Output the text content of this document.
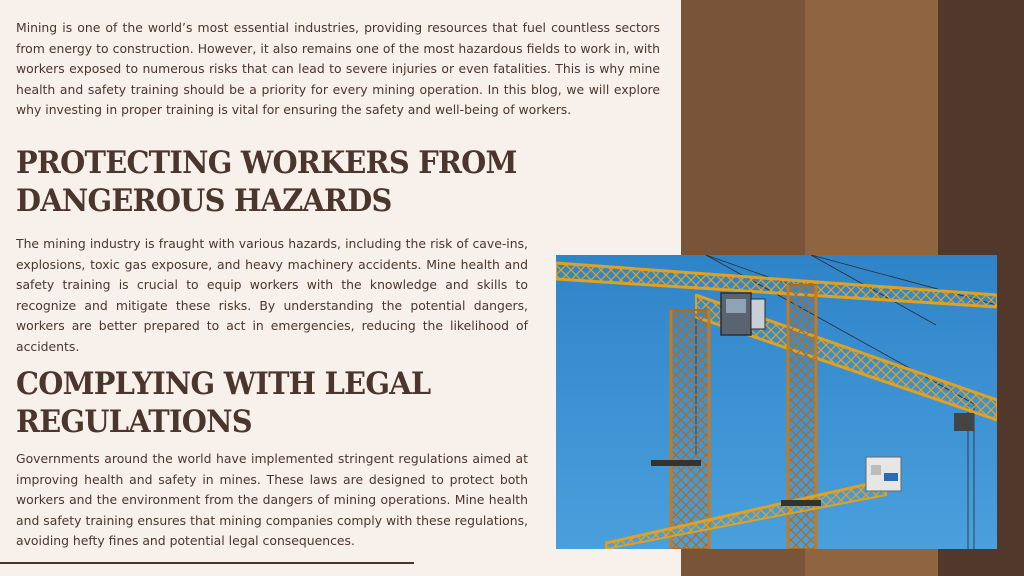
Mining is one of the world’s most essential industries, providing resources that fuel countless sectors from energy to construction. However, it also remains one of the most hazardous fields to work in, with workers exposed to numerous risks that can lead to severe injuries or even fatalities. This is why mine health and safety training should be a priority for every mining operation. In this blog, we will explore why investing in proper training is vital for ensuring the safety and well-being of workers.

PROTECTING WORKERS FROM
DANGEROUS HAZARDS

The mining industry is fraught with various hazards, including the risk of cave-ins, explosions, toxic gas exposure, and heavy machinery accidents. Mine health and safety training is crucial to equip workers with the knowledge and skills to recognize and mitigate these risks. By understanding the potential dangers, workers are better prepared to act in emergencies, reducing the likelihood of accidents.

COMPLYING WITH LEGAL
REGULATIONS

Governments around the world have implemented stringent regulations aimed at improving health and safety in mines. These laws are designed to protect both workers and the environment from the dangers of mining operations. Mine health and safety training ensures that mining companies comply with these regulations, avoiding hefty fines and potential legal consequences.
